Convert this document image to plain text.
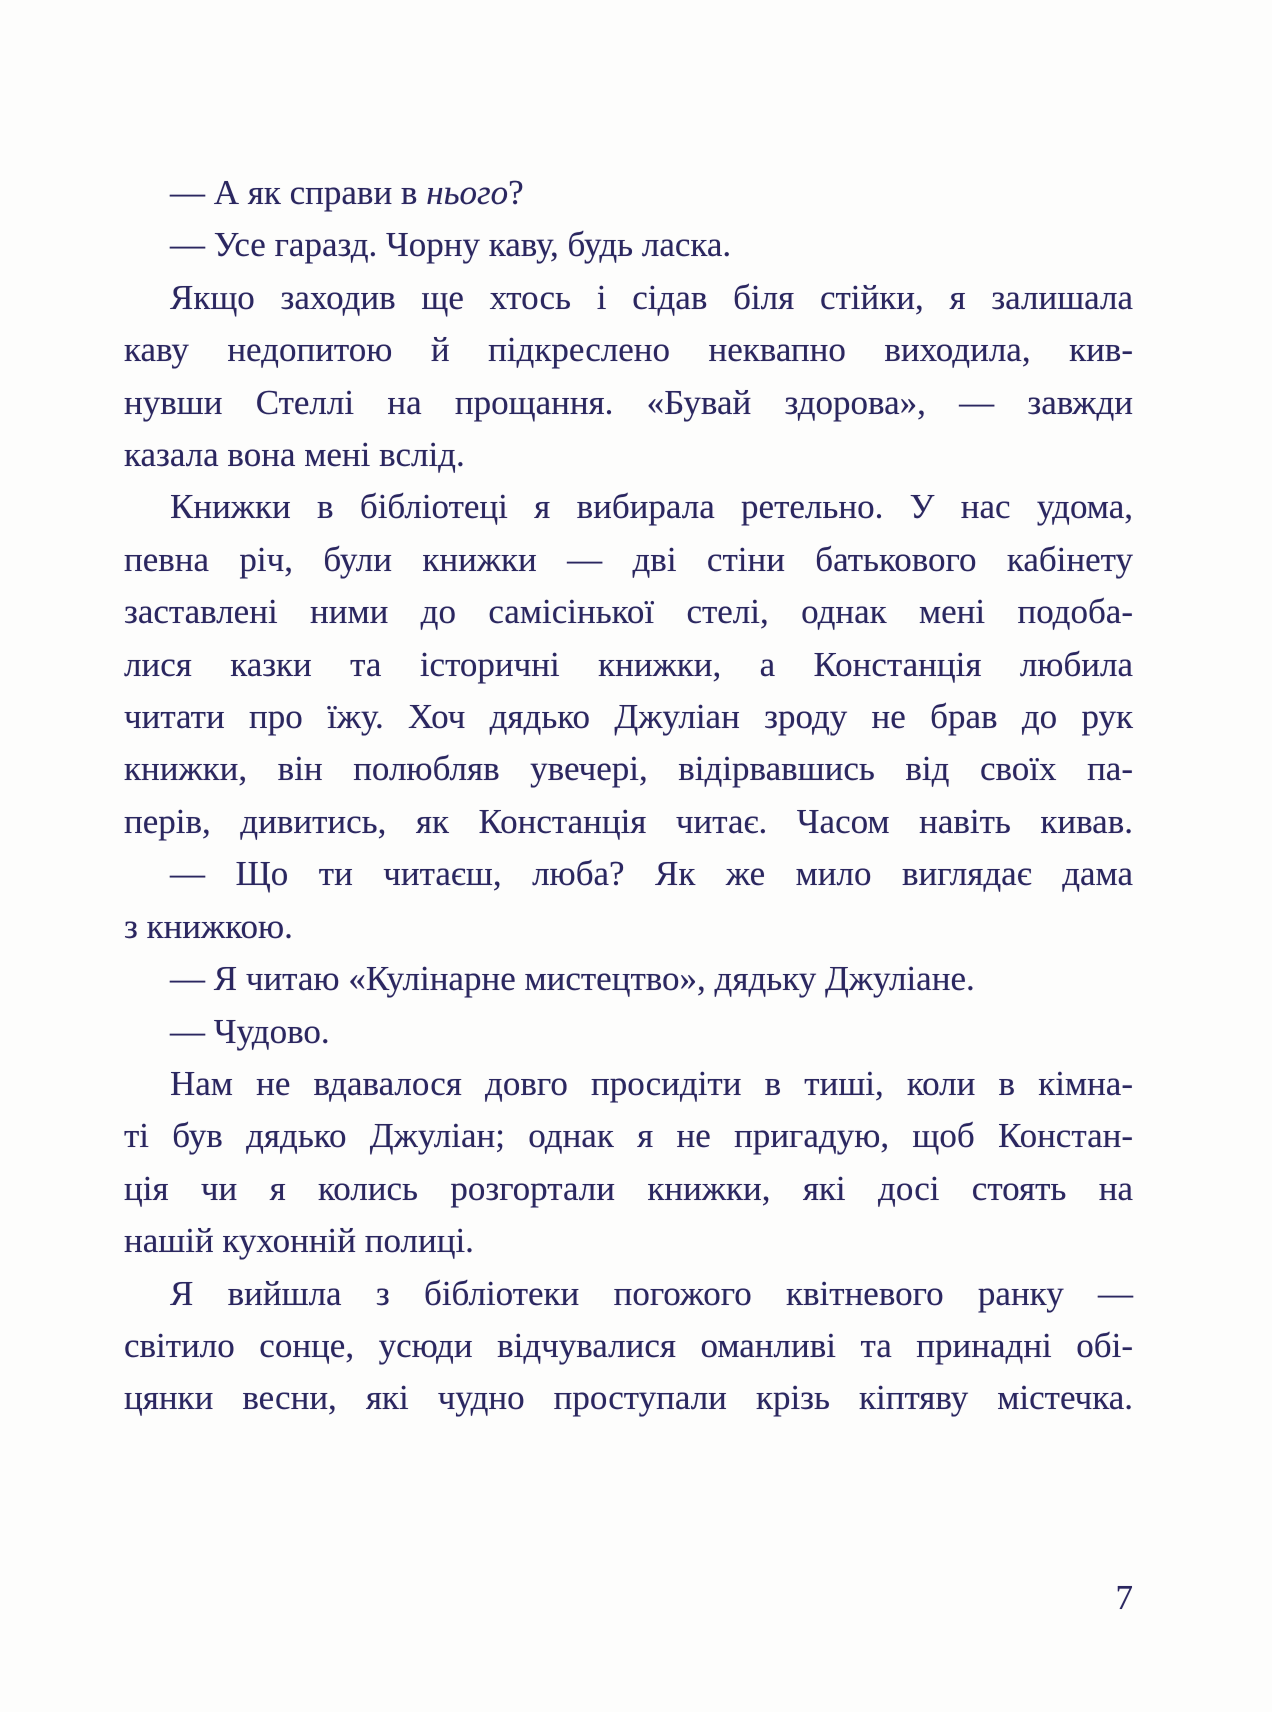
— А як справи в нього?
— Усе гаразд. Чорну каву, будь ласка.
Якщо заходив ще хтось і сідав біля стійки, я залишала
каву недопитою й підкреслено неквапно виходила, кив-
нувши Стеллі на прощання. «Бувай здорова», — завжди
казала вона мені вслід.
Книжки в бібліотеці я вибирала ретельно. У нас удома,
певна річ, були книжки — дві стіни батькового кабінету
заставлені ними до самісінької стелі, однак мені подоба-
лися казки та історичні книжки, а Констанція любила
читати про їжу. Хоч дядько Джуліан зроду не брав до рук
книжки, він полюбляв увечері, відірвавшись від своїх па-
перів, дивитись, як Констанція читає. Часом навіть кивав.
— Що ти читаєш, люба? Як же мило виглядає дама
з книжкою.
— Я читаю «Кулінарне мистецтво», дядьку Джуліане.
— Чудово.
Нам не вдавалося довго просидіти в тиші, коли в кімна-
ті був дядько Джуліан; однак я не пригадую, щоб Констан-
ція чи я колись розгортали книжки, які досі стоять на
нашій кухонній полиці.
Я вийшла з бібліотеки погожого квітневого ранку —
світило сонце, усюди відчувалися оманливі та принадні обі-
цянки весни, які чудно проступали крізь кіптяву містечка.
7
